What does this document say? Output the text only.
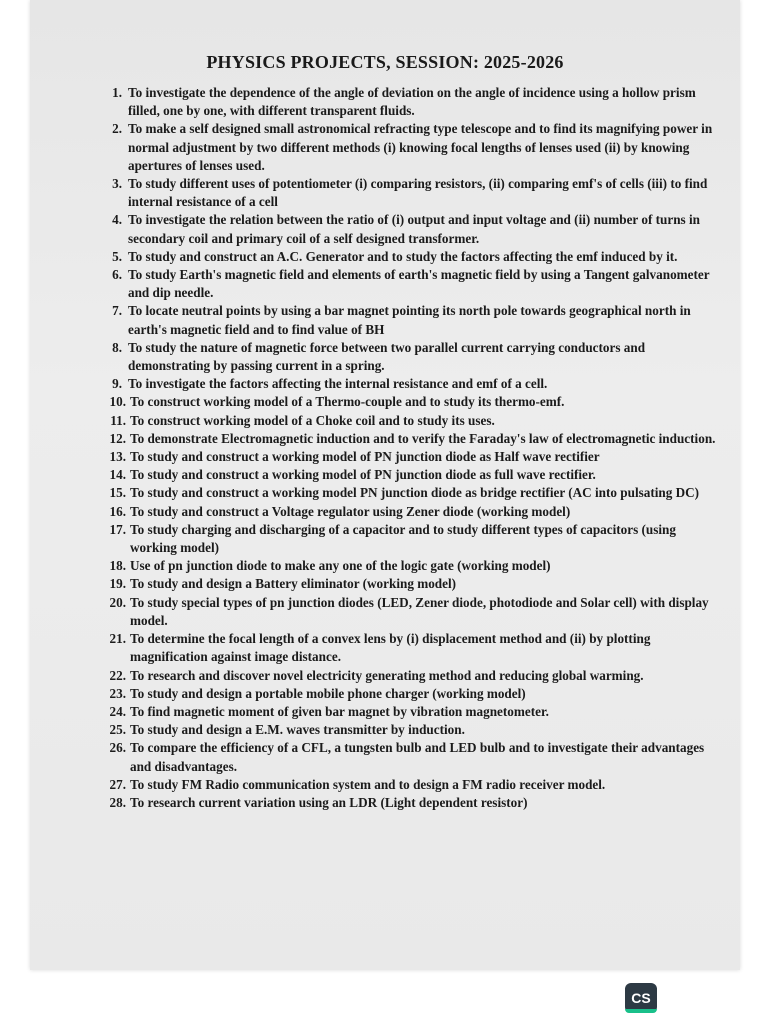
PHYSICS PROJECTS, SESSION: 2025-2026
1. To investigate the dependence of the angle of deviation on the angle of incidence using a hollow prism filled, one by one, with different transparent fluids.
2. To make a self designed small astronomical refracting type telescope and to find its magnifying power in normal adjustment by two different methods (i) knowing focal lengths of lenses used (ii) by knowing apertures of lenses used.
3. To study different uses of potentiometer (i) comparing resistors, (ii) comparing emf's of cells (iii) to find internal resistance of a cell
4. To investigate the relation between the ratio of (i) output and input voltage and (ii) number of turns in secondary coil and primary coil of a self designed transformer.
5. To study and construct an A.C. Generator and to study the factors affecting the emf induced by it.
6. To study Earth's magnetic field and elements of earth's magnetic field by using a Tangent galvanometer and dip needle.
7. To locate neutral points by using a bar magnet pointing its north pole towards geographical north in earth's magnetic field and to find value of BH
8. To study the nature of magnetic force between two parallel current carrying conductors and demonstrating by passing current in a spring.
9. To investigate the factors affecting the internal resistance and emf of a cell.
10. To construct working model of a Thermo-couple and to study its thermo-emf.
11. To construct working model of a Choke coil and to study its uses.
12. To demonstrate Electromagnetic induction and to verify the Faraday's law of electromagnetic induction.
13. To study and construct a working model of PN junction diode as Half wave rectifier
14. To study and construct a working model of PN junction diode as full wave rectifier.
15. To study and construct a working model PN junction diode as bridge rectifier (AC into pulsating DC)
16. To study and construct a Voltage regulator using Zener diode (working model)
17. To study charging and discharging of a capacitor and to study different types of capacitors (using working model)
18. Use of pn junction diode to make any one of the logic gate (working model)
19. To study and design a Battery eliminator (working model)
20. To study special types of pn junction diodes (LED, Zener diode, photodiode and Solar cell) with display model.
21. To determine the focal length of a convex lens by (i) displacement method and (ii) by plotting magnification against image distance.
22. To research and discover novel electricity generating method and reducing global warming.
23. To study and design a portable mobile phone charger (working model)
24. To find magnetic moment of given bar magnet by vibration magnetometer.
25. To study and design a E.M. waves transmitter by induction.
26. To compare the efficiency of a CFL, a tungsten bulb and LED bulb and to investigate their advantages and disadvantages.
27. To study FM Radio communication system and to design a FM radio receiver model.
28. To research current variation using an LDR (Light dependent resistor)
CS
